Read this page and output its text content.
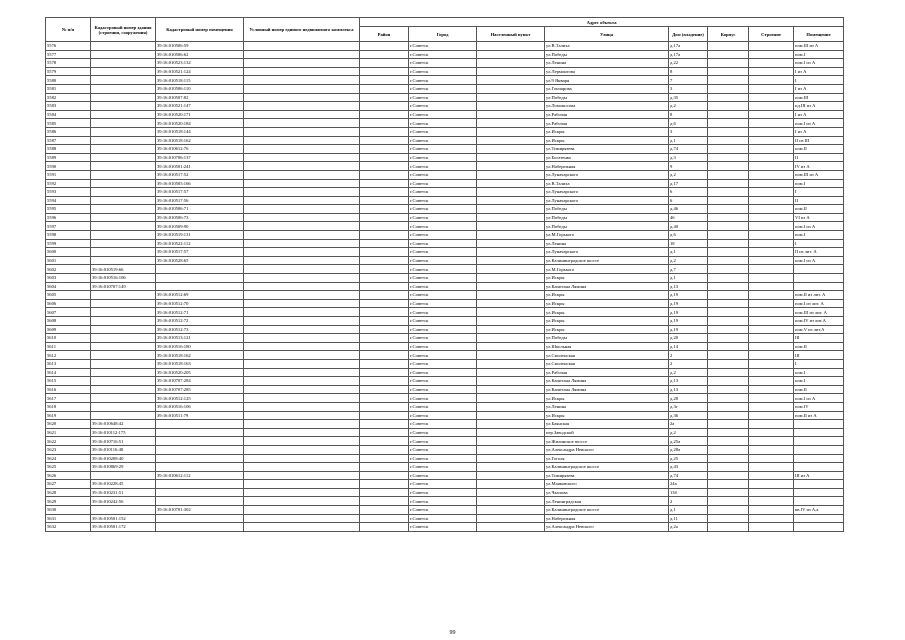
№ п/п	Кадастровый номер здания (строения, сооружения)	Кадастровый номер помещения	Условный номер единого недвижимого комплекса	Адрес объекта							
				Район	Город	Населенный пункт	Улица	Дом (владение)	Корпус	Строение	Помещение
5576		39:16:010506:59			г.Советск		ул.В.Талиха	д.17а			пом.III из А
5577		39:16:010506:62			г.Советск		ул.Победы	д.17а			пом.I
5578		39:16:010523:132			г.Советск		ул.Ленина	д.22			пом.I из А
5579		39:16:010521:124			г.Советск		ул.Лермонтова	8			I из А
5580		39:16:010518:115			г.Советск		ул.9 Января	7			I
5581		39:16:010506:110			г.Советск		ул.Гончарова	3			I из А
5582		39:16:010507:82			г.Советск		ул.Победы	д.35			пом.III
5583		39:16:010521:147			г.Советск		ул.Ломоносова	д.2			пд.III из А
5584		39:16:010520:171			г.Советск		ул.Рабочая	8			I из А
5585		39:16:010520:184			г.Советск		ул.Рабочая	д.6			пом.I из А
5586		39:16:010518:144			г.Советск		ул.Искры	3			I из А
5587		39:16:010518:162			г.Советск		ул.Искры	д.1			II из III
5588		39:16:010612:76			г.Советск		ул.Тимирязева	д.74			пом.II
5589		39:16:010706:137			г.Советск		ул.Богатенко	д.3			II
5590		39:16:010501:241			г.Советск		ул.Набережная	9			IV из А
5591		39:16:010517:52			г.Советск		ул.Луначарского	д.2			пом.III из А
5592		39:16:010505:166			г.Советск		ул.В.Талиха	д.17			пом.I
5593		39:16:010517:57			г.Советск		ул.Луначарского	6			I
5594		39:16:010517:56			г.Советск		ул.Луначарского	6			II
5595		39:16:010506:71			г.Советск		ул.Победы	д.46			пом.II
5596		39:16:010506:73			г.Советск		ул.Победы	46			VI из А
5597		39:16:010509:90			г.Советск		ул.Победы	д.40			пом.I из А
5598		39:16:010519:131			г.Советск		ул.М.Горького	д.6			пом.I
5599		39:16:010522:112			г.Советск		ул.Ленина	18			I
5600		39:16:010517:57			г.Советск		ул.Луначарского	д.1			II из лит. А
5601		39:16:010528:65			г.Советск		ул.Калининградское шоссе	д.2			пом.I из А
5602	39:16:010519:66				г.Советск		ул.М.Горького	д.7			
5603	39:16:010516:106				г.Советск		ул.Искры	д.1			
5604	39:16:010707:149				г.Советск		ул.Капитана Лямина	д.13			
5605		39:16:010512:69			г.Советск		ул.Искры	д.19			пом.II из лит. А
5606		39:16:010512:70			г.Советск		ул.Искры	д.19			пом.I из лит. А
5607		39:16:010512:71			г.Советск		ул.Искры	д.19			пом.III из лит. А
5608		39:16:010512:72			г.Советск		ул.Искры	д.19			пом.IV из лит.А
5609		39:16:010512:73			г.Советск		ул.Искры	д.19			пом.V из лит.А
5610		39:16:010513:121			г.Советск		ул.Победы	д.20			III
5611		39:16:010516:180			г.Советск		ул.Школьная	д.14			пом.II
5612		39:16:010518:162			г.Советск		ул.Смоленская	2			III
5613		39:16:010518:163			г.Советск		ул.Смоленская	2			I
5614		39:16:010520:205			г.Советск		ул.Рабочая	д.2			пом.I
5615		39:16:010707:284			г.Советск		ул.Капитана Лямина	д.13			пом.I
5616		39:16:010707:285			г.Советск		ул.Капитана Лямина	д.13			пом.II
5617		39:16:010512:125			г.Советск		ул.Искры	д.28			пом.I из А
5618		39:16:010516:106			г.Советск		ул.Ленина	д.3г			пом.IV
5619		39:16:010511:79			г.Советск		ул.Искры	д.36			пом.II из А
5620	39:16:010648:42				г.Советск		ул.Баянская	2а			
5621	39:16:010112:175				г.Советск		пер.Заводской	д.2			
5622	39:16:010716:51				г.Советск		ул.Жилинское шоссе	д.25а			
5623	39:16:010116:48				г.Советск		ул.Александра Невского	д.28а			
5624	39:16:010208:40				г.Советск		ул.Гоголя	д.25			
5625	39:16:010869:29				г.Советск		ул.Калининградское шоссе	д.43			
5626		39:16:010612:112			г.Советск		ул.Тимирязева	д.74			III из А
5627	39:16:010228:45				г.Советск		ул.Маяковского	24а			
5628	39:16:010231:51				г.Советск		ул.Чкалова	13б			
5629	39:16:010242:56				г.Советск		ул.Ленинградская	2			
5630		39:16:010701:302			г.Советск		ул.Калининградское шоссе	д.1			кв.IV из А,а
5631	39:16:010501:152				г.Советск		ул.Набережная	д.11			
5632	39:16:010501:172				г.Советск		ул.Александра Невского	д.2а			
99
